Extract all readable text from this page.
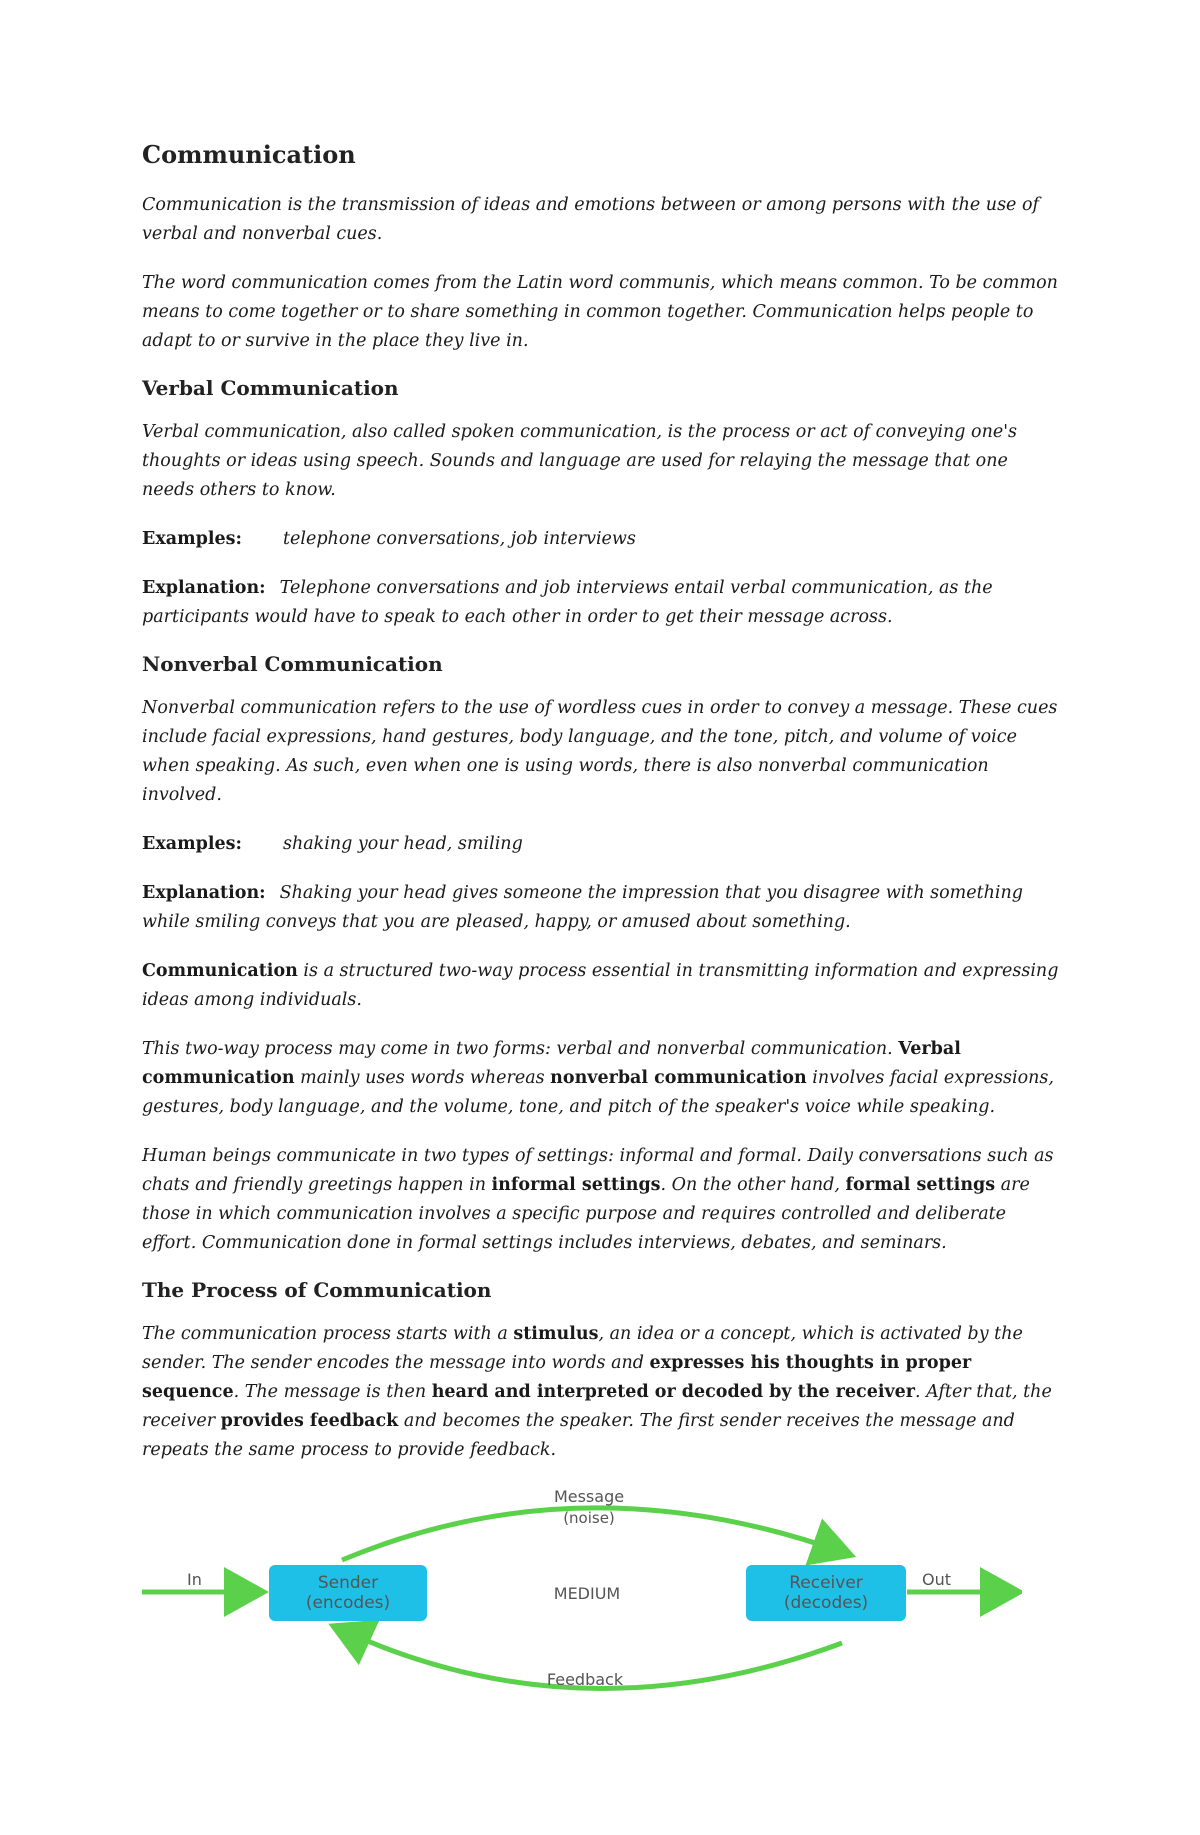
Communication

Communication is the transmission of ideas and emotions between or among persons with the use of verbal and nonverbal cues.

The word communication comes from the Latin word communis, which means common. To be common means to come together or to share something in common together. Communication helps people to adapt to or survive in the place they live in.

Verbal Communication

Verbal communication, also called spoken communication, is the process or act of conveying one's thoughts or ideas using speech. Sounds and language are used for relaying the message that one needs others to know.

Examples:	telephone conversations, job interviews

Explanation: Telephone conversations and job interviews entail verbal communication, as the participants would have to speak to each other in order to get their message across.

Nonverbal Communication

Nonverbal communication refers to the use of wordless cues in order to convey a message. These cues include facial expressions, hand gestures, body language, and the tone, pitch, and volume of voice when speaking. As such, even when one is using words, there is also nonverbal communication involved.

Examples:	shaking your head, smiling

Explanation: Shaking your head gives someone the impression that you disagree with something while smiling conveys that you are pleased, happy, or amused about something.

Communication is a structured two-way process essential in transmitting information and expressing ideas among individuals.

This two-way process may come in two forms: verbal and nonverbal communication. Verbal communication mainly uses words whereas nonverbal communication involves facial expressions, gestures, body language, and the volume, tone, and pitch of the speaker's voice while speaking.

Human beings communicate in two types of settings: informal and formal. Daily conversations such as chats and friendly greetings happen in informal settings. On the other hand, formal settings are those in which communication involves a specific purpose and requires controlled and deliberate effort. Communication done in formal settings includes interviews, debates, and seminars.

The Process of Communication

The communication process starts with a stimulus, an idea or a concept, which is activated by the sender. The sender encodes the message into words and expresses his thoughts in proper sequence. The message is then heard and interpreted or decoded by the receiver. After that, the receiver provides feedback and becomes the speaker. The first sender receives the message and repeats the same process to provide feedback.

Sender
(encodes)
Receiver
(decodes)
In	Out
MEDIUM
Message
(noise)
Feedback
